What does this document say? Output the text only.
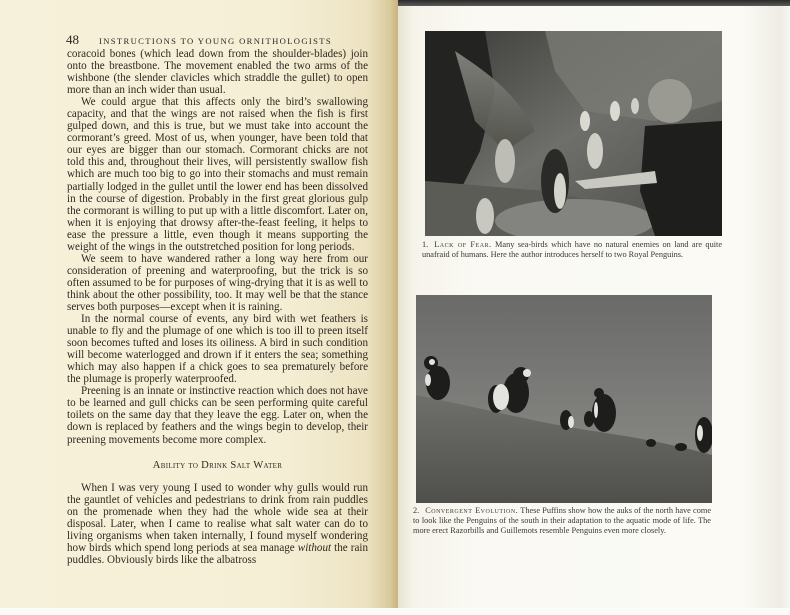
48 INSTRUCTIONS TO YOUNG ORNITHOLOGISTS

coracoid bones (which lead down from the shoulder-blades) join onto the breastbone. The movement enabled the two arms of the wishbone (the slender clavicles which straddle the gullet) to open more than an inch wider than usual.

We could argue that this affects only the bird’s swallowing capacity, and that the wings are not raised when the fish is first gulped down, and this is true, but we must take into account the cormorant’s greed. Most of us, when younger, have been told that our eyes are bigger than our stomach. Cormorant chicks are not told this and, throughout their lives, will persistently swallow fish which are much too big to go into their stomachs and must remain partially lodged in the gullet until the lower end has been dissolved in the course of digestion. Probably in the first great glorious gulp the cormorant is willing to put up with a little discomfort. Later on, when it is enjoying that drowsy after-the-feast feeling, it helps to ease the pressure a little, even though it means supporting the weight of the wings in the outstretched position for long periods.

We seem to have wandered rather a long way here from our consideration of preening and waterproofing, but the trick is so often assumed to be for purposes of wing-drying that it is as well to think about the other possibility, too. It may well be that the stance serves both purposes—except when it is raining.

In the normal course of events, any bird with wet feathers is unable to fly and the plumage of one which is too ill to preen itself soon becomes tufted and loses its oiliness. A bird in such condition will become waterlogged and drown if it enters the sea; something which may also happen if a chick goes to sea prematurely before the plumage is properly waterproofed.

Preening is an innate or instinctive reaction which does not have to be learned and gull chicks can be seen performing quite careful toilets on the same day that they leave the egg. Later on, when the down is replaced by feathers and the wings begin to develop, their preening movements become more complex.

Ability to Drink Salt Water

When I was very young I used to wonder why gulls would run the gauntlet of vehicles and pedestrians to drink from rain puddles on the promenade when they had the whole wide sea at their disposal. Later, when I came to realise what salt water can do to living organisms when taken internally, I found myself wondering how birds which spend long periods at sea manage without the rain puddles. Obviously birds like the albatross

1. Lack of Fear. Many sea-birds which have no natural enemies on land are quite unafraid of humans. Here the author introduces herself to two Royal Penguins.
2. Convergent Evolution. These Puffins show how the auks of the north have come to look like the Penguins of the south in their adaptation to the aquatic mode of life. The more erect Razorbills and Guillemots resemble Penguins even more closely.
